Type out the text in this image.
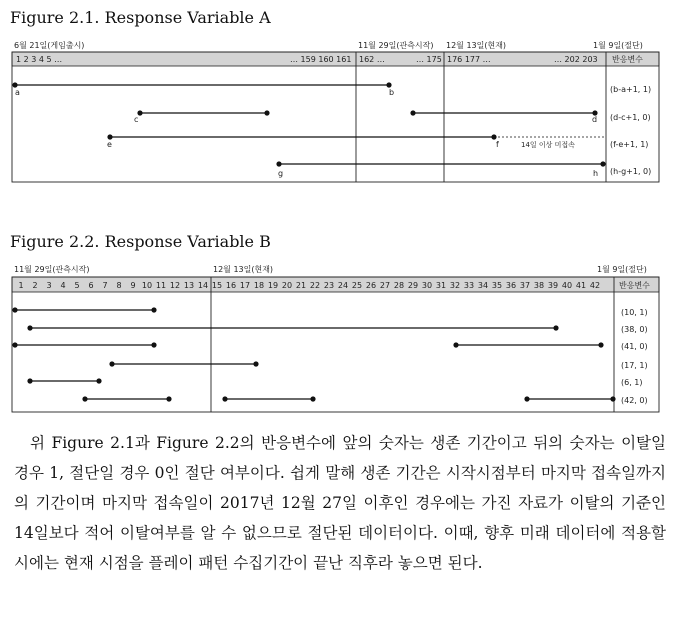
Figure 2.1. Response Variable A
Figure 2.2. Response Variable B
6월 21일(게임출시)	11월 29일(관측시작) 12월 13일(현재)	1월 9일(절단)
1 2 3 4 5 …	… 159 160 161 162 …	… 175 176 177 …	… 202 203 반응변수
a	b	(b-a+1, 1)
c	d (d-c+1, 0)
e	f	14일 이상 미접속	(f-e+1, 1)
g	h (h-g+1, 0)
11월 29일(관측시작)	12월 13일(현재)	1월 9일(절단)
반응변수
1 2 3 4 5 6 7 8 9 10 11 12 13 14 15 16 17 18 19 20 21 22 23 24 25 26 27 28 29 30 31 32 33 34 35 36 37 38 39 40 41 42
(10, 1)
(38, 0)
(41, 0)
(17, 1)
(6, 1)
(42, 0)

위 Figure 2.1과 Figure 2.2의 반응변수에 앞의 숫자는 생존 기간이고 뒤의 숫자는 이탈일 경우 1, 절단일 경우 0인 절단 여부이다. 쉽게 말해 생존 기간은 시작시점부터 마지막 접속일까지의 기간이며 마지막 접속일이 2017년 12월 27일 이후인 경우에는 가진 자료가 이탈의 기준인 14일보다 적어 이탈여부를 알 수 없으므로 절단된 데이터이다. 이때, 향후 미래 데이터에 적용할 시에는 현재 시점을 플레이 패턴 수집기간이 끝난 직후라 놓으면 된다.
